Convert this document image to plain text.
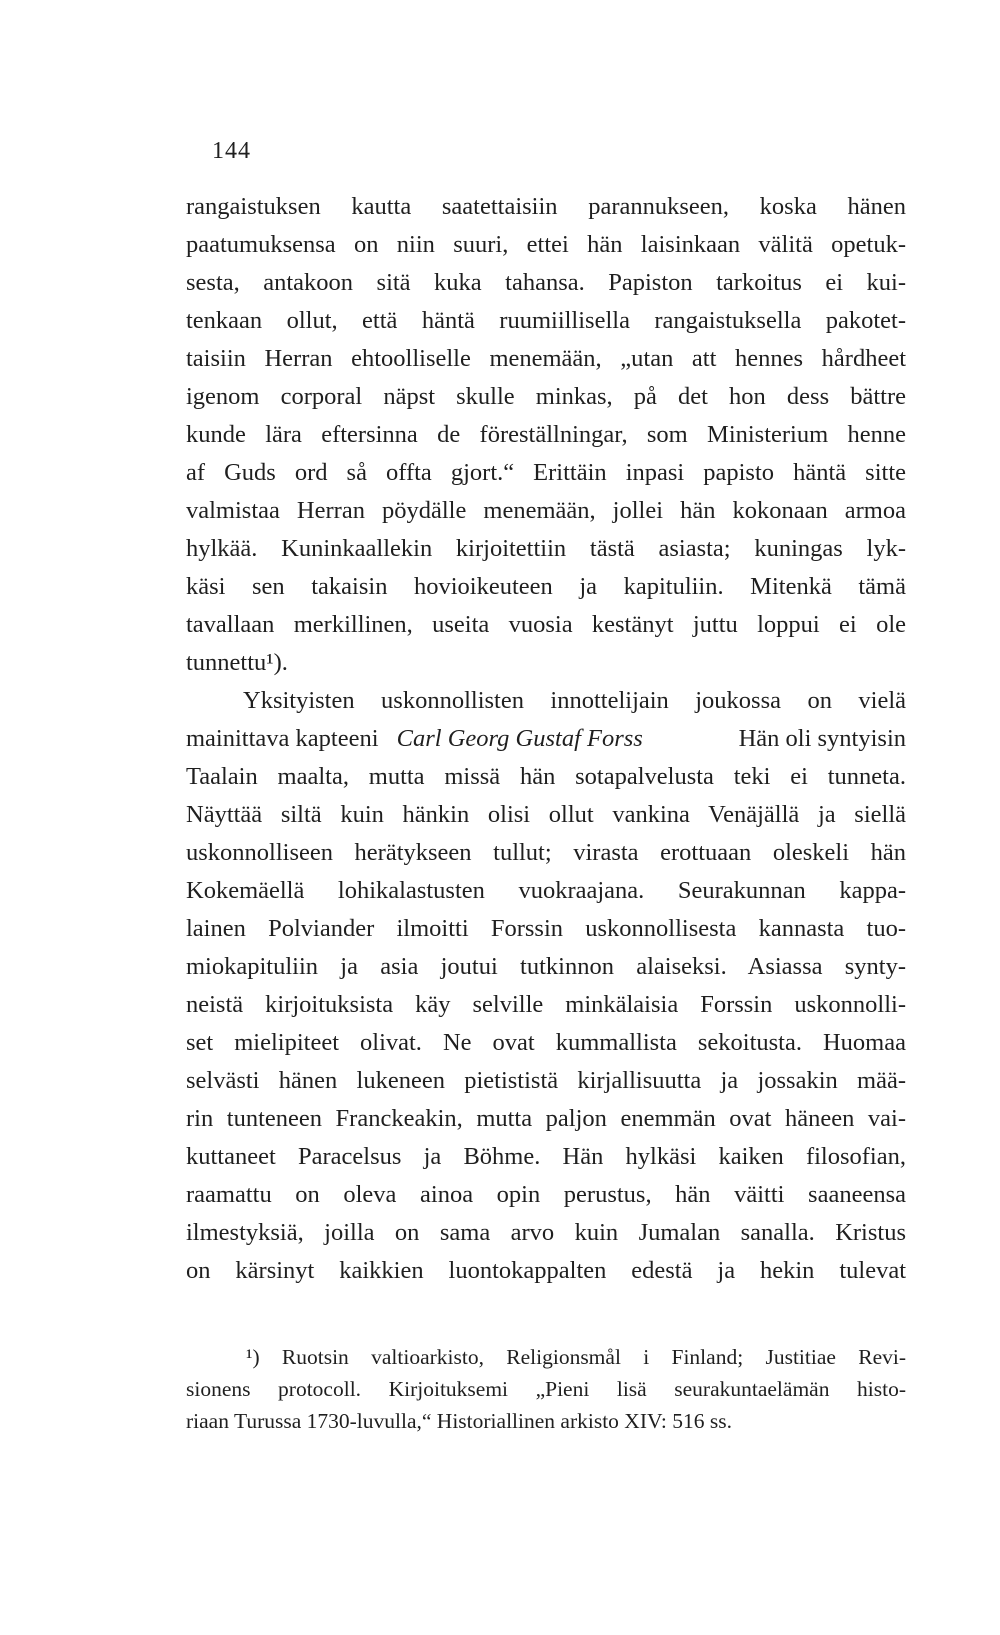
144
rangaistuksen kautta saatettaisiin parannukseen, koska hänen
paatumuksensa on niin suuri, ettei hän laisinkaan välitä opetuk-
sesta, antakoon sitä kuka tahansa. Papiston tarkoitus ei kui-
tenkaan ollut, että häntä ruumiillisella rangaistuksella pakotet-
taisiin Herran ehtoolliselle menemään, „utan att hennes hårdheet
igenom corporal näpst skulle minkas, på det hon dess bättre
kunde lära eftersinna de föreställningar, som Ministerium henne
af Guds ord så offta gjort.“ Erittäin inpasi papisto häntä sitte
valmistaa Herran pöydälle menemään, jollei hän kokonaan armoa
hylkää. Kuninkaallekin kirjoitettiin tästä asiasta; kuningas lyk-
käsi sen takaisin hovioikeuteen ja kapituliin. Mitenkä tämä
tavallaan merkillinen, useita vuosia kestänyt juttu loppui ei ole
tunnettu¹).
Yksityisten uskonnollisten innottelijain joukossa on vielä
mainittava kapteeni Carl Georg Gustaf Forss	Hän oli syntyisin
Taalain maalta, mutta missä hän sotapalvelusta teki ei tunneta.
Näyttää siltä kuin hänkin olisi ollut vankina Venäjällä ja siellä
uskonnolliseen herätykseen tullut; virasta erottuaan oleskeli hän
Kokemäellä lohikalastusten vuokraajana. Seurakunnan kappa-
lainen Polviander ilmoitti Forssin uskonnollisesta kannasta tuo-
miokapituliin ja asia joutui tutkinnon alaiseksi. Asiassa synty-
neistä kirjoituksista käy selville minkälaisia Forssin uskonnolli-
set mielipiteet olivat. Ne ovat kummallista sekoitusta. Huomaa
selvästi hänen lukeneen pietististä kirjallisuutta ja jossakin mää-
rin tunteneen Franckeakin, mutta paljon enemmän ovat häneen vai-
kuttaneet Paracelsus ja Böhme. Hän hylkäsi kaiken filosofian,
raamattu on oleva ainoa opin perustus, hän väitti saaneensa
ilmestyksiä, joilla on sama arvo kuin Jumalan sanalla. Kristus
on kärsinyt kaikkien luontokappalten edestä ja hekin tulevat
¹) Ruotsin valtioarkisto, Religionsmål i Finland; Justitiae Revi-
sionens protocoll. Kirjoituksemi „Pieni lisä seurakuntaelämän histo-
riaan Turussa 1730-luvulla,“ Historiallinen arkisto XIV: 516 ss.
